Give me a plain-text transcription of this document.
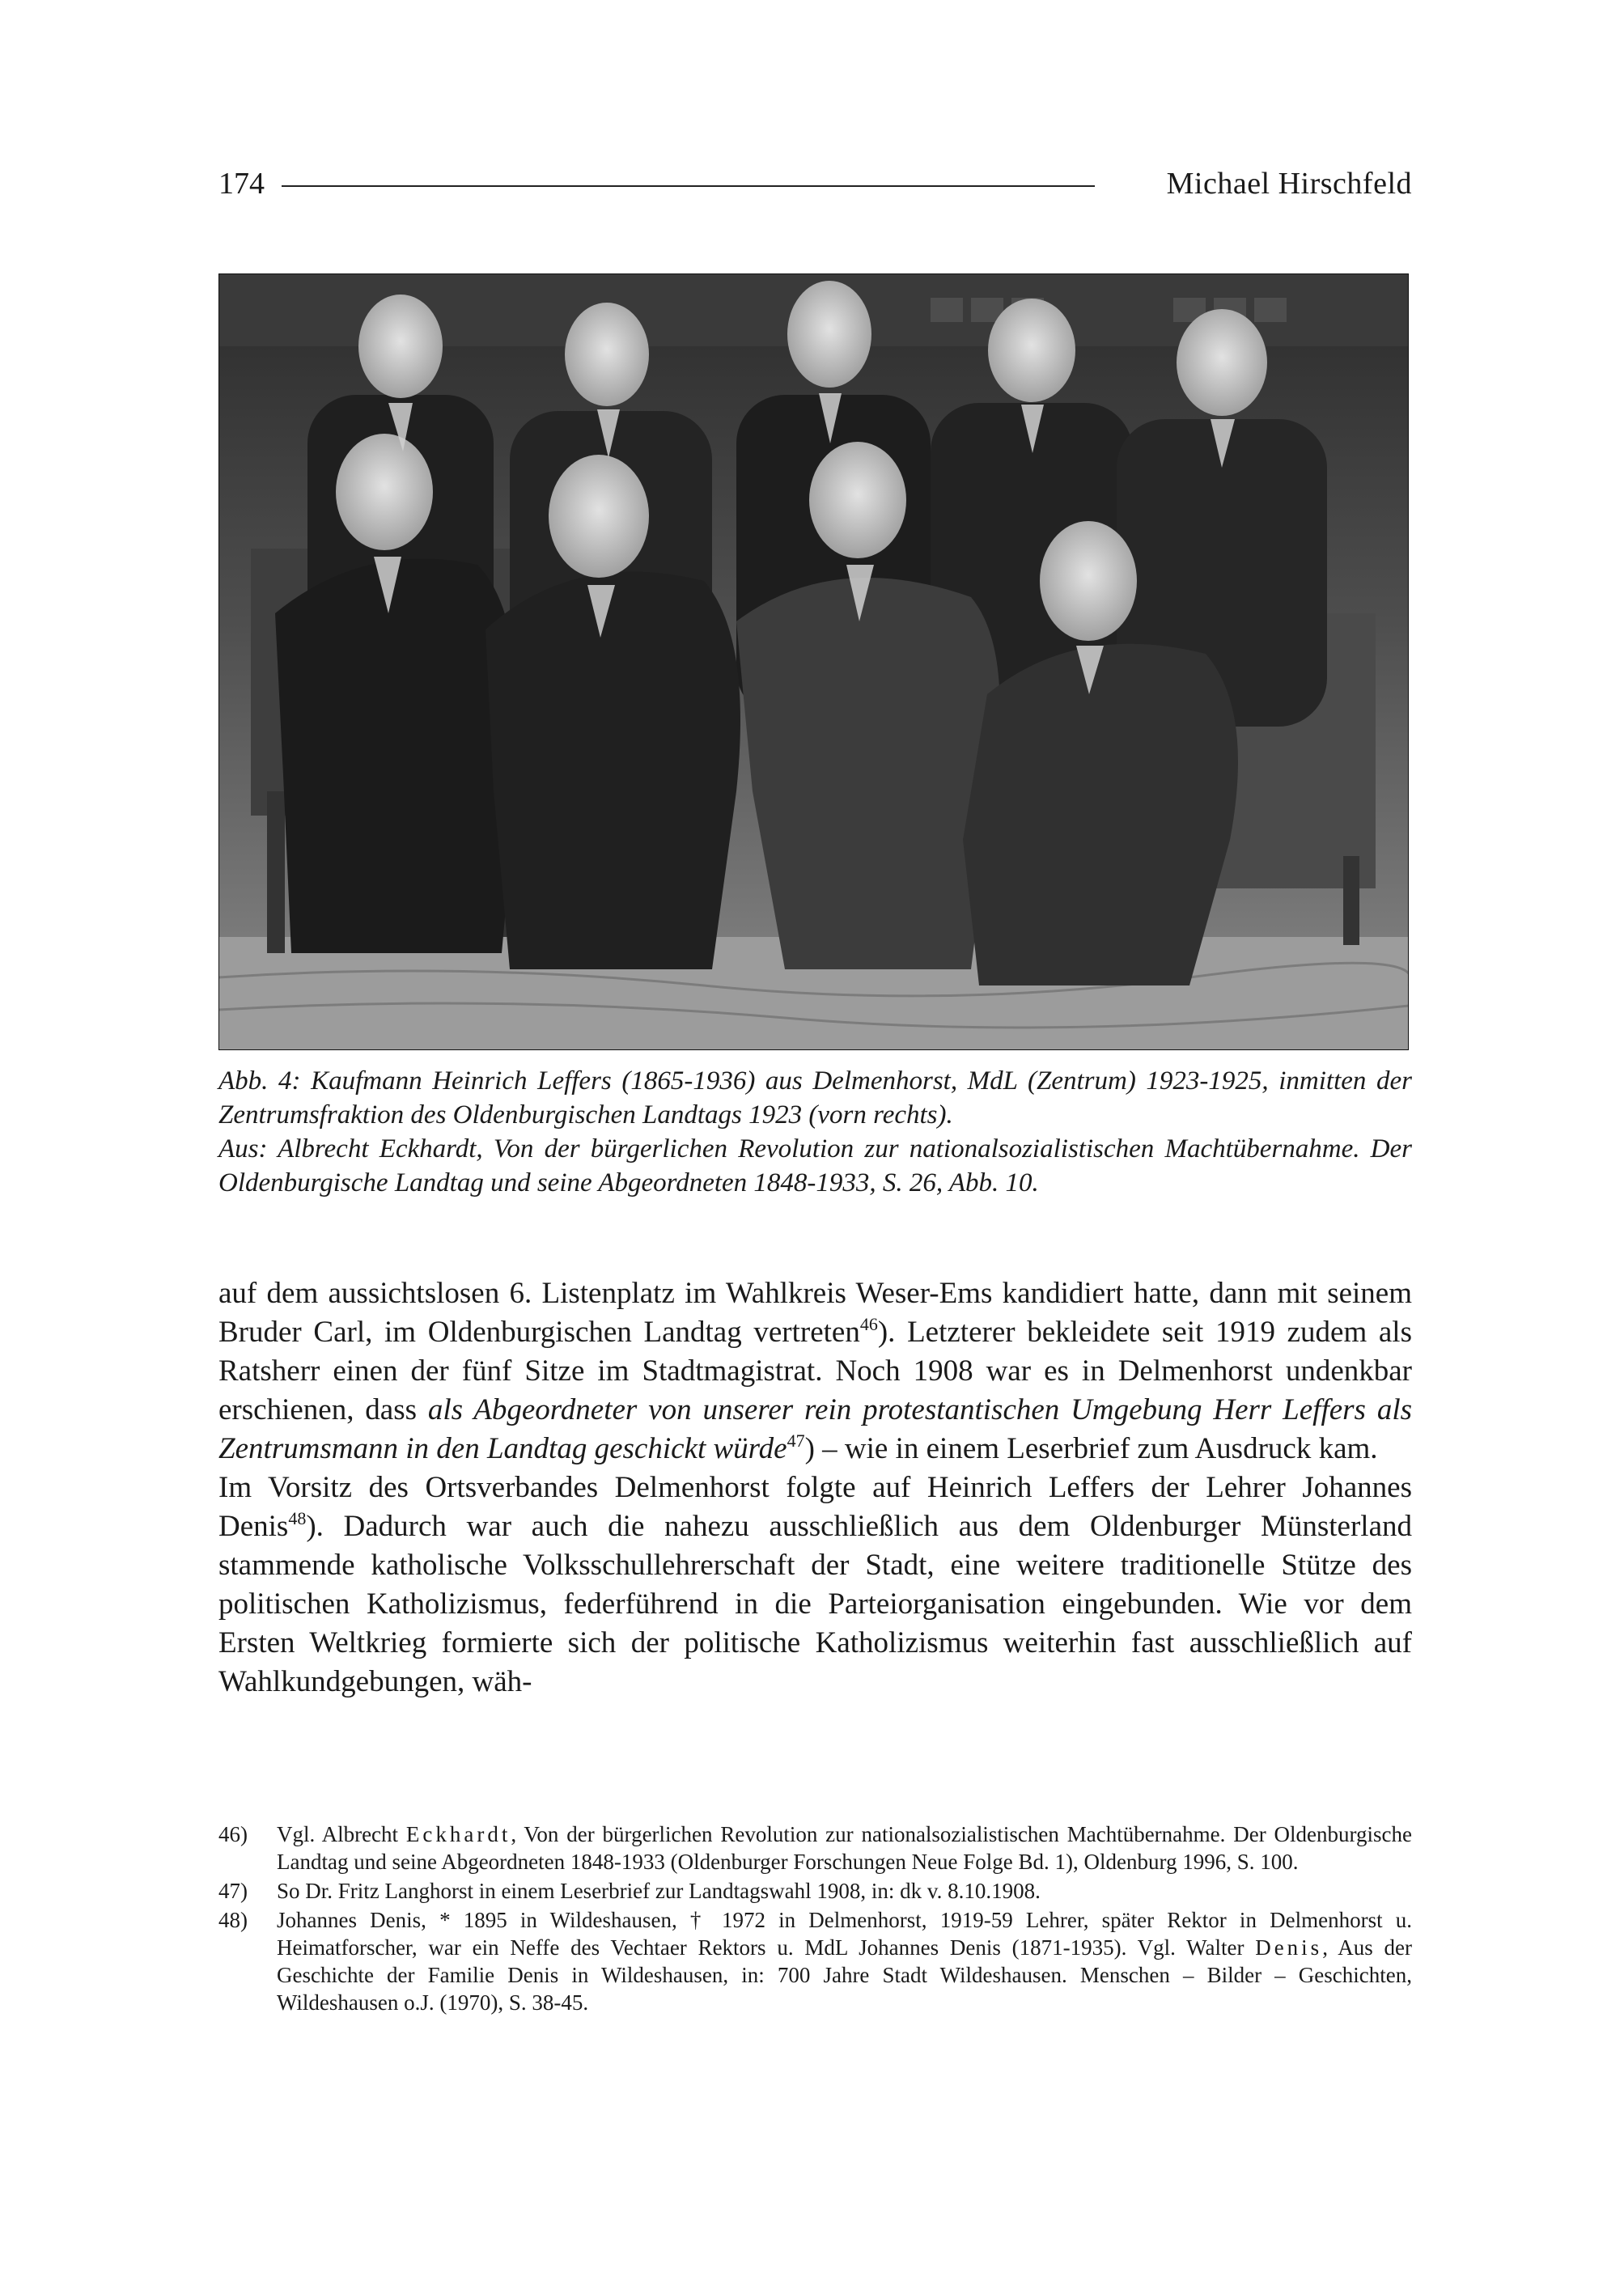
174	Michael Hirschfeld

Abb. 4: Kaufmann Heinrich Leffers (1865-1936) aus Delmenhorst, MdL (Zentrum) 1923-1925, inmitten der Zentrumsfraktion des Oldenburgischen Landtags 1923 (vorn rechts).

Aus: Albrecht Eckhardt, Von der bürgerlichen Revolution zur nationalsozialistischen Machtübernahme. Der Oldenburgische Landtag und seine Abgeordneten 1848-1933, S. 26, Abb. 10.

auf dem aussichtslosen 6. Listenplatz im Wahlkreis Weser-Ems kandidiert hatte, dann mit seinem Bruder Carl, im Oldenburgischen Landtag vertreten$^{46}$). Letzterer bekleidete seit 1919 zudem als Ratsherr einen der fünf Sitze im Stadtmagistrat. Noch 1908 war es in Delmenhorst undenkbar erschienen, dass als Abgeordneter von unserer rein protestantischen Umgebung Herr Leffers als Zentrumsmann in den Landtag geschickt würde$^{47}$) – wie in einem Leserbrief zum Ausdruck kam.

Im Vorsitz des Ortsverbandes Delmenhorst folgte auf Heinrich Leffers der Lehrer Johannes Denis$^{48}$). Dadurch war auch die nahezu ausschließlich aus dem Oldenburger Münsterland stammende katholische Volksschullehrerschaft der Stadt, eine weitere traditionelle Stütze des politischen Katholizismus, federführend in die Parteiorganisation eingebunden. Wie vor dem Ersten Weltkrieg formierte sich der politische Katholizismus weiterhin fast ausschließlich auf Wahlkundgebungen, wäh-

46) Vgl. Albrecht Eckhardt, Von der bürgerlichen Revolution zur nationalsozialistischen Machtübernahme. Der Oldenburgische Landtag und seine Abgeordneten 1848-1933 (Oldenburger Forschungen Neue Folge Bd. 1), Oldenburg 1996, S. 100.
47) So Dr. Fritz Langhorst in einem Leserbrief zur Landtagswahl 1908, in: dk v. 8.10.1908.
48) Johannes Denis, * 1895 in Wildeshausen, † 1972 in Delmenhorst, 1919-59 Lehrer, später Rektor in Delmenhorst u. Heimatforscher, war ein Neffe des Vechtaer Rektors u. MdL Johannes Denis (1871-1935). Vgl. Walter Denis, Aus der Geschichte der Familie Denis in Wildeshausen, in: 700 Jahre Stadt Wildeshausen. Menschen – Bilder – Geschichten, Wildeshausen o.J. (1970), S. 38-45.
